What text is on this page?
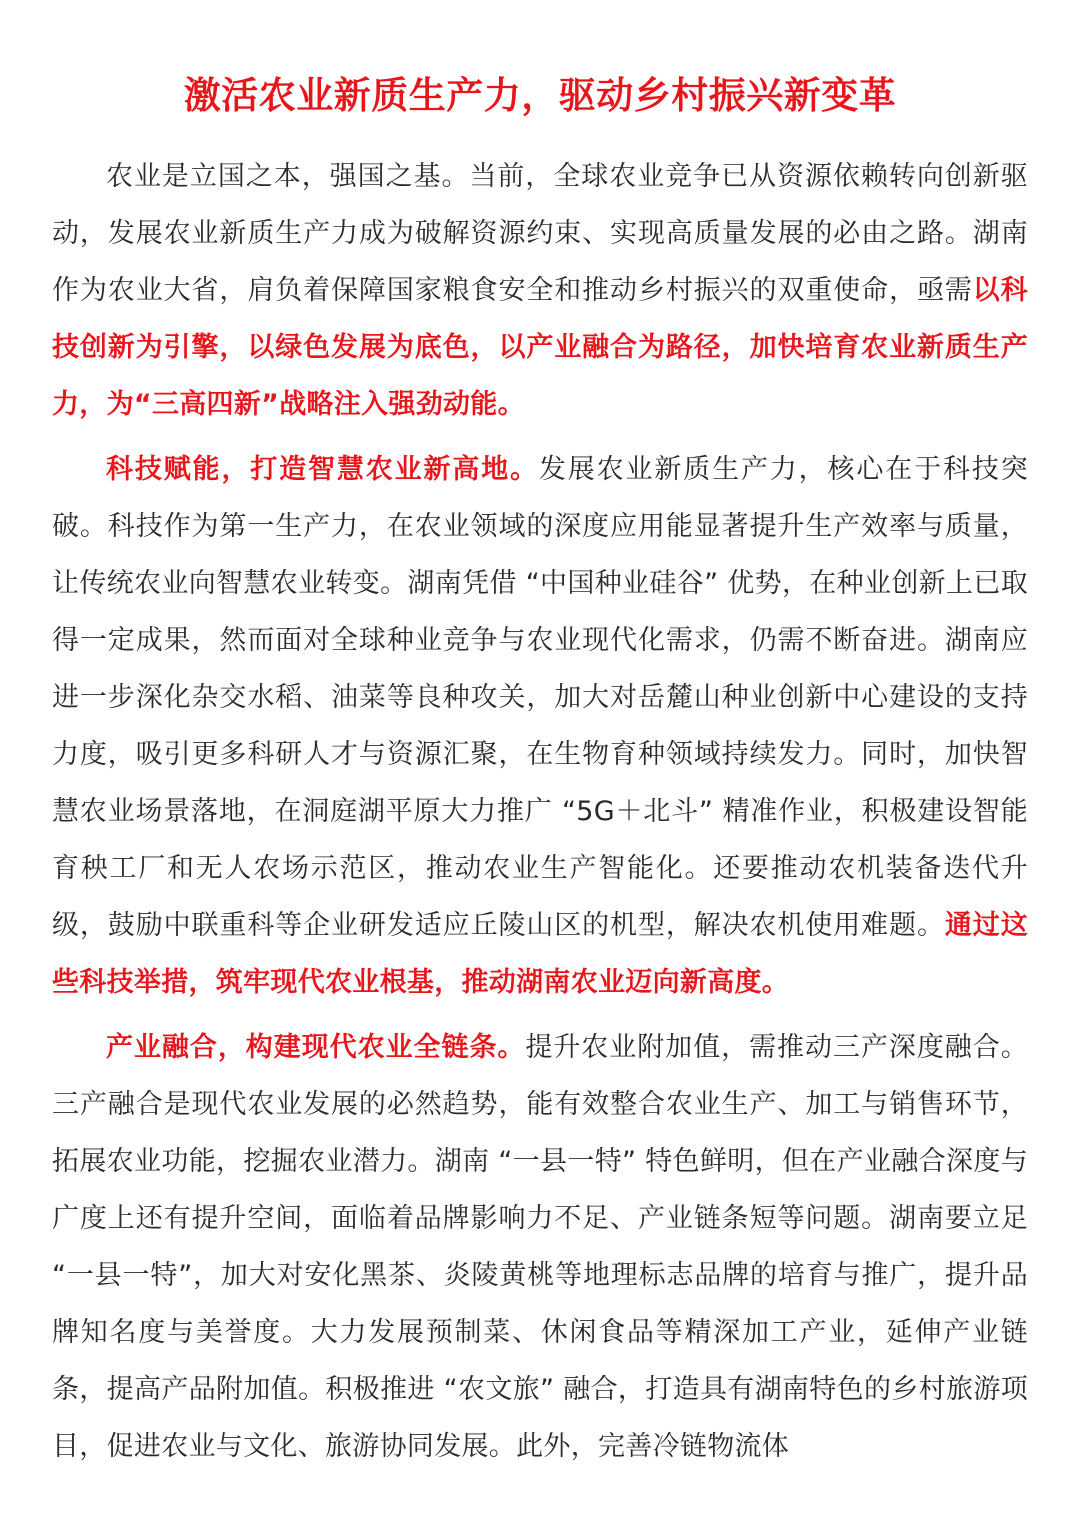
激活农业新质生产力，驱动乡村振兴新变革

农业是立国之本，强国之基。当前，全球农业竞争已从资源依赖转向创新驱动，发展农业新质生产力成为破解资源约束、实现高质量发展的必由之路。湖南作为农业大省，肩负着保障国家粮食安全和推动乡村振兴的双重使命，亟需以科技创新为引擎，以绿色发展为底色，以产业融合为路径，加快培育农业新质生产力，为“三高四新”战略注入强劲动能。

科技赋能，打造智慧农业新高地。发展农业新质生产力，核心在于科技突破。科技作为第一生产力，在农业领域的深度应用能显著提升生产效率与质量，让传统农业向智慧农业转变。湖南凭借 “中国种业硅谷” 优势，在种业创新上已取得一定成果，然而面对全球种业竞争与农业现代化需求，仍需不断奋进。湖南应进一步深化杂交水稻、油菜等良种攻关，加大对岳麓山种业创新中心建设的支持力度，吸引更多科研人才与资源汇聚，在生物育种领域持续发力。同时，加快智慧农业场景落地，在洞庭湖平原大力推广 “5G＋北斗” 精准作业，积极建设智能育秧工厂和无人农场示范区，推动农业生产智能化。还要推动农机装备迭代升级，鼓励中联重科等企业研发适应丘陵山区的机型，解决农机使用难题。通过这些科技举措，筑牢现代农业根基，推动湖南农业迈向新高度。

产业融合，构建现代农业全链条。提升农业附加值，需推动三产深度融合。三产融合是现代农业发展的必然趋势，能有效整合农业生产、加工与销售环节，拓展农业功能，挖掘农业潜力。湖南 “一县一特” 特色鲜明，但在产业融合深度与广度上还有提升空间，面临着品牌影响力不足、产业链条短等问题。湖南要立足 “一县一特”，加大对安化黑茶、炎陵黄桃等地理标志品牌的培育与推广，提升品牌知名度与美誉度。大力发展预制菜、休闲食品等精深加工产业，延伸产业链条，提高产品附加值。积极推进 “农文旅” 融合，打造具有湖南特色的乡村旅游项目，促进农业与文化、旅游协同发展。此外，完善冷链物流体
